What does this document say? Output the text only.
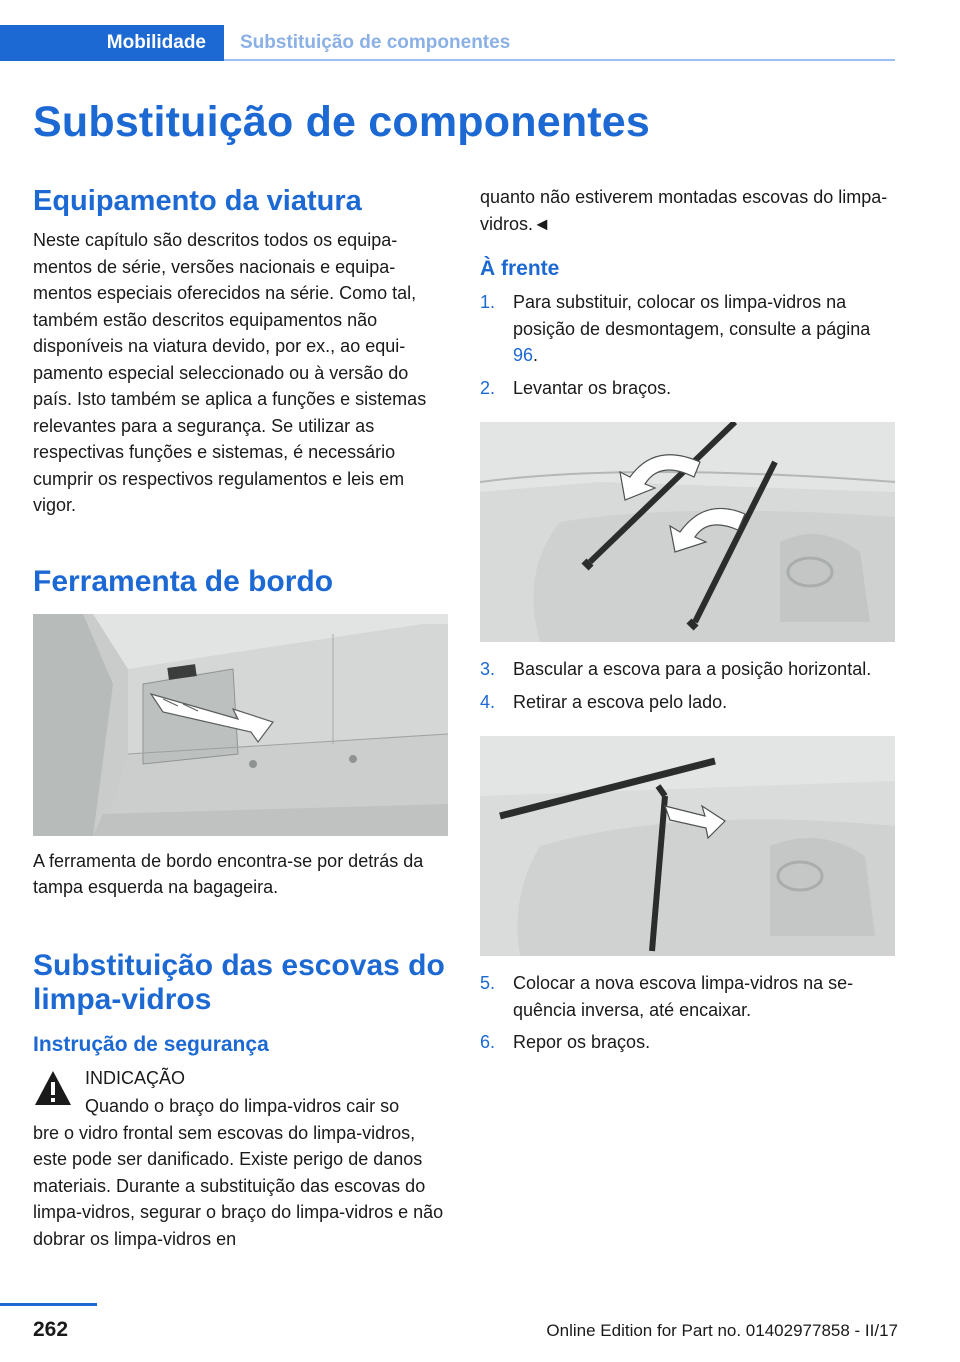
Mobilidade	Substituição de componentes
Substituição de componentes
Equipamento da viatura

Neste capítulo são descritos todos os equipamentos de série, versões nacionais e equipamentos especiais oferecidos na série. Como tal, também estão descritos equipamentos não disponíveis na viatura devido, por ex., ao equipamento especial seleccionado ou à versão do país. Isto também se aplica a funções e sistemas relevantes para a segurança. Se utilizar as respectivas funções e sistemas, é necessário cumprir os respectivos regulamentos e leis em vigor.

Ferramenta de bordo

A ferramenta de bordo encontra-se por detrás da tampa esquerda na bagageira.

Substituição das escovas do limpa-vidros
Instrução de segurança

INDICAÇÃO

Quando o braço do limpa-vidros cair so

bre o vidro frontal sem escovas do limpa-vidros, este pode ser danificado. Existe perigo de danos materiais. Durante a substituição das escovas do limpa-vidros, segurar o braço do limpa-vidros e não dobrar os limpa-vidros en

quanto não estiverem montadas escovas do limpa-vidros.◄

À frente
1. Para substituir, colocar os limpa-vidros na posição de desmontagem, consulte a página 96.
2. Levantar os braços.
3. Bascular a escova para a posição horizontal.
4. Retirar a escova pelo lado.
5. Colocar a nova escova limpa-vidros na sequência inversa, até encaixar.
6. Repor os braços.
262	Online Edition for Part no. 01402977858 - II/17
